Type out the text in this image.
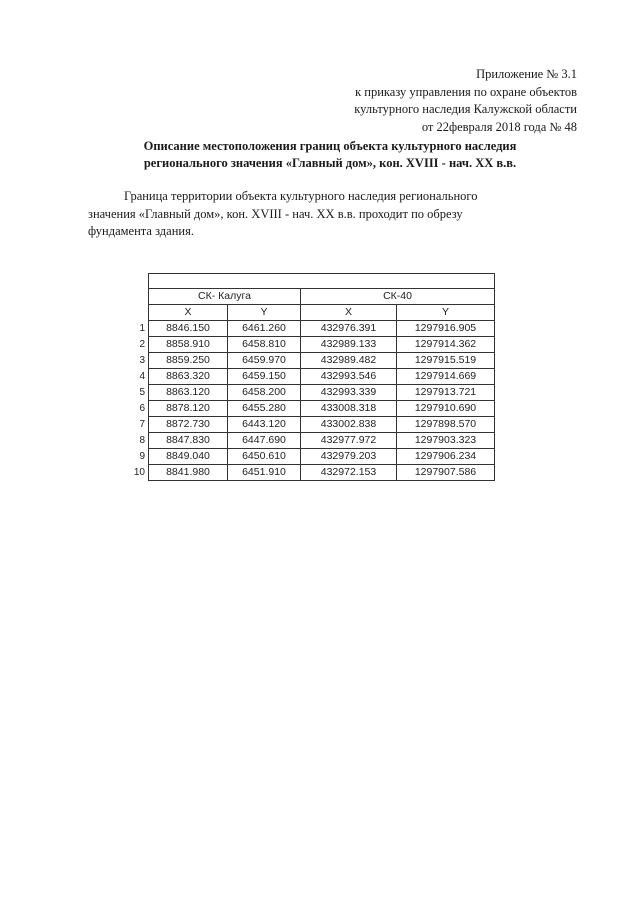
Приложение № 3.1
к приказу управления по охране объектов
культурного наследия Калужской области
от 22февраля 2018 года № 48
Описание местоположения границ объекта культурного наследия
регионального значения «Главный дом», кон. XVIII - нач. XX в.в.
Граница территории объекта культурного наследия регионального
значения «Главный дом», кон. XVIII - нач. XX в.в. проходит по обрезу
фундамента здания.

	СК- Калуга		СК-40	
	X	Y	X	Y
1	8846.150	6461.260	432976.391	1297916.905
2	8858.910	6458.810	432989.133	1297914.362
3	8859.250	6459.970	432989.482	1297915.519
4	8863.320	6459.150	432993.546	1297914.669
5	8863.120	6458.200	432993.339	1297913.721
6	8878.120	6455.280	433008.318	1297910.690
7	8872.730	6443.120	433002.838	1297898.570
8	8847.830	6447.690	432977.972	1297903.323
9	8849.040	6450.610	432979.203	1297906.234
10	8841.980	6451.910	432972.153	1297907.586
